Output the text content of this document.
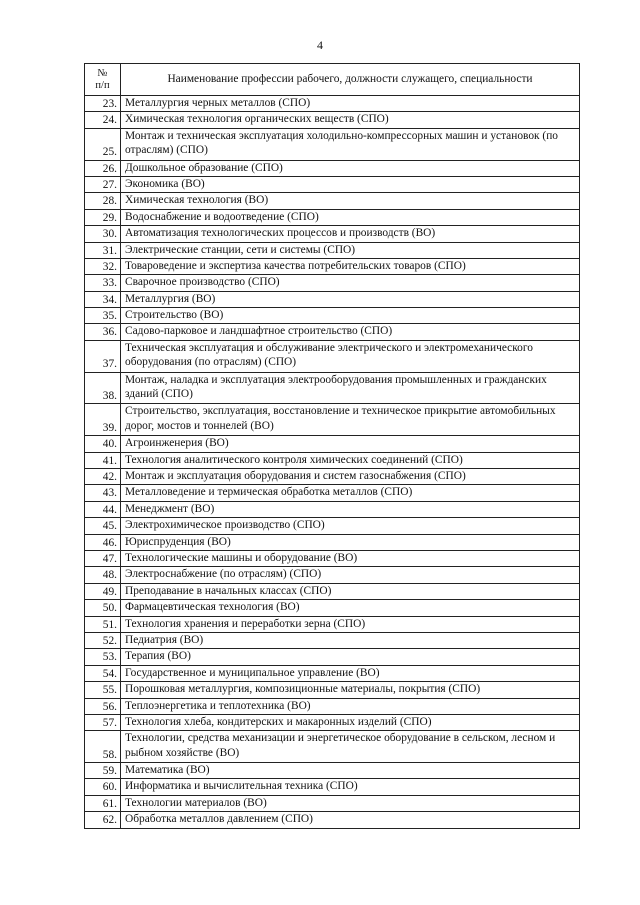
4
№
п/п	Наименование профессии рабочего, должности служащего, специальности
23.	Металлургия черных металлов (СПО)
24.	Химическая технология органических веществ (СПО)
25.	Монтаж и техническая эксплуатация холодильно-компрессорных машин и установок (по отраслям) (СПО)
26.	Дошкольное образование (СПО)
27.	Экономика (ВО)
28.	Химическая технология (ВО)
29.	Водоснабжение и водоотведение (СПО)
30.	Автоматизация технологических процессов и производств (ВО)
31.	Электрические станции, сети и системы (СПО)
32.	Товароведение и экспертиза качества потребительских товаров (СПО)
33.	Сварочное производство (СПО)
34.	Металлургия (ВО)
35.	Строительство (ВО)
36.	Садово-парковое и ландшафтное строительство (СПО)
37.	Техническая эксплуатация и обслуживание электрического и электромеханического оборудования (по отраслям) (СПО)
38.	Монтаж, наладка и эксплуатация электрооборудования промышленных и гражданских зданий (СПО)
39.	Строительство, эксплуатация, восстановление и техническое прикрытие автомобильных дорог, мостов и тоннелей (ВО)
40.	Агроинженерия (ВО)
41.	Технология аналитического контроля химических соединений (СПО)
42.	Монтаж и эксплуатация оборудования и систем газоснабжения (СПО)
43.	Металловедение и термическая обработка металлов (СПО)
44.	Менеджмент (ВО)
45.	Электрохимическое производство (СПО)
46.	Юриспруденция (ВО)
47.	Технологические машины и оборудование (ВО)
48.	Электроснабжение (по отраслям) (СПО)
49.	Преподавание в начальных классах (СПО)
50.	Фармацевтическая технология (ВО)
51.	Технология хранения и переработки зерна (СПО)
52.	Педиатрия (ВО)
53.	Терапия (ВО)
54.	Государственное и муниципальное управление (ВО)
55.	Порошковая металлургия, композиционные материалы, покрытия (СПО)
56.	Теплоэнергетика и теплотехника (ВО)
57.	Технология хлеба, кондитерских и макаронных изделий (СПО)
58.	Технологии, средства механизации и энергетическое оборудование в сельском, лесном и рыбном хозяйстве (ВО)
59.	Математика (ВО)
60.	Информатика и вычислительная техника (СПО)
61.	Технологии материалов (ВО)
62.	Обработка металлов давлением (СПО)
